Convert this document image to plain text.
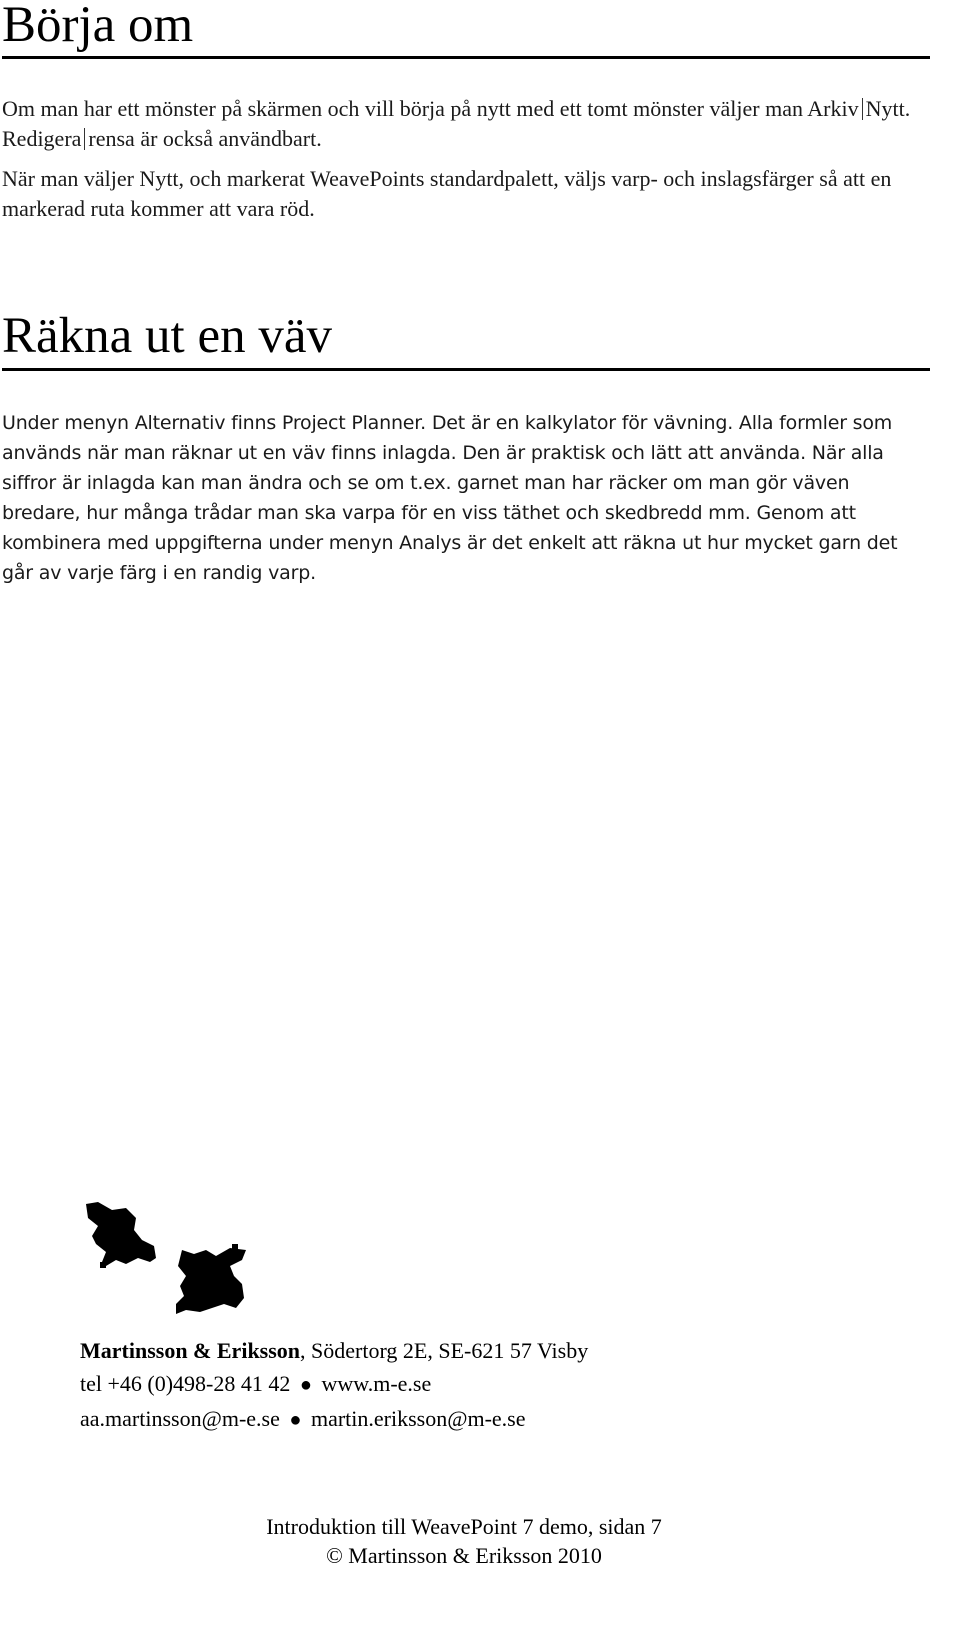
Börja om

Om man har ett mönster på skärmen och vill börja på nytt med ett tomt mönster väljer man Arkiv Nytt. Redigera rensa är också användbart.

När man väljer Nytt, och markerat WeavePoints standardpalett, väljs varp- och inslagsfärger så att en markerad ruta kommer att vara röd.

Räkna ut en väv

Under menyn Alternativ finns Project Planner. Det är en kalkylator för vävning. Alla formler som används när man räknar ut en väv finns inlagda. Den är praktisk och lätt att använda. När alla siffror är inlagda kan man ändra och se om t.ex. garnet man har räcker om man gör väven bredare, hur många trådar man ska varpa för en viss täthet och skedbredd mm. Genom att kombinera med uppgifterna under menyn Analys är det enkelt att räkna ut hur mycket garn det går av varje färg i en randig varp.

Martinsson & Eriksson, Södertorg 2E, SE-621 57 Visby
tel +46 (0)498-28 41 42 ● www.m-e.se
aa.martinsson@m-e.se ● martin.eriksson@m-e.se

Introduktion till WeavePoint 7 demo, sidan 7
© Martinsson & Eriksson 2010
